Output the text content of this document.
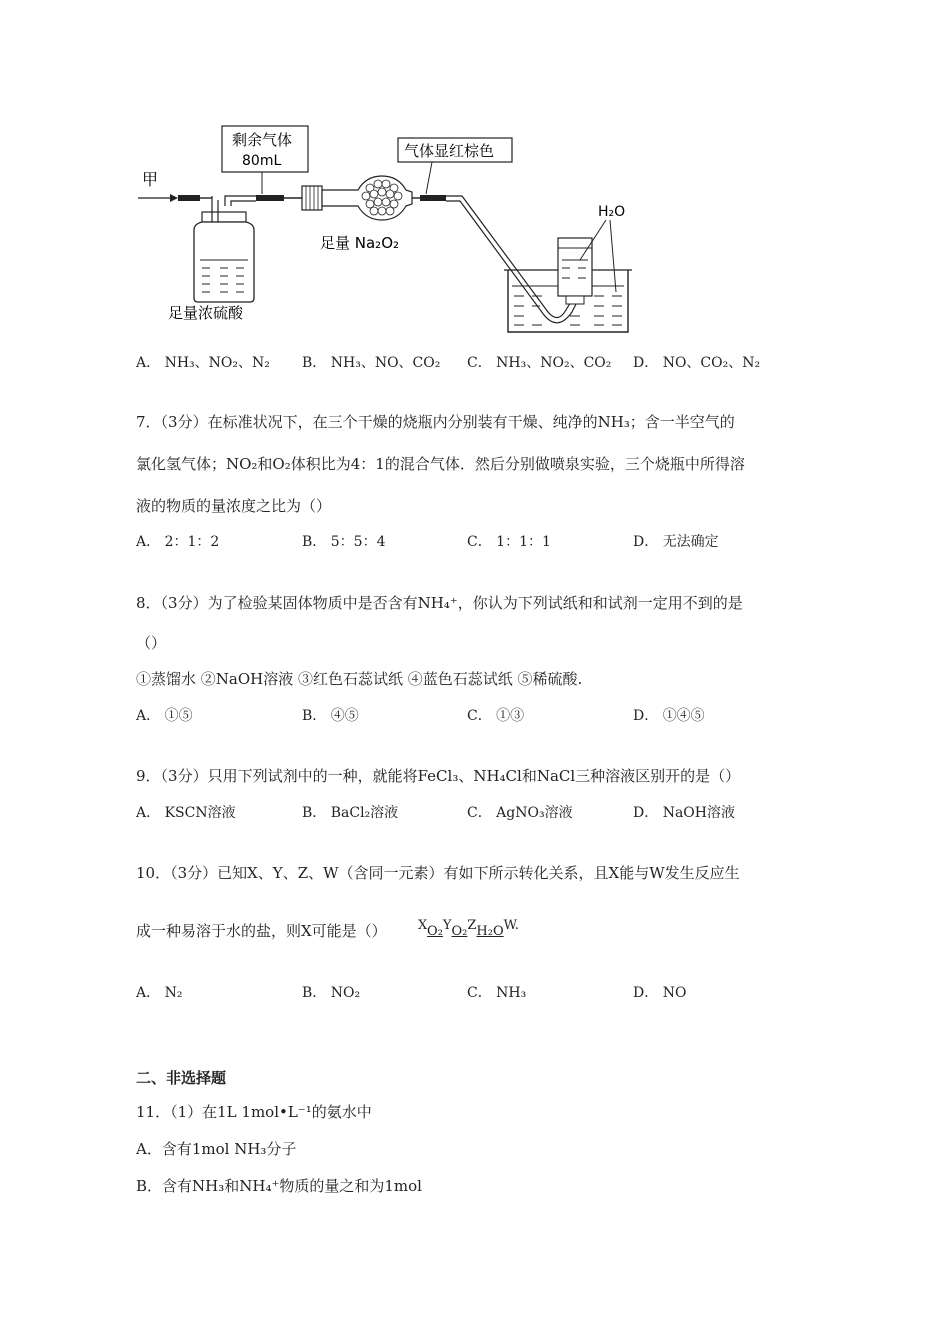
甲
足量浓硫酸
剩余气体
80mL
足量 Na₂O₂
气体显红棕色
H₂O
A． NH₃、NO₂、N₂ B． NH₃、NO、CO₂ C． NH₃、NO₂、CO₂ D． NO、CO₂、N₂
7．（3分）在标准状况下，在三个干燥的烧瓶内分别装有干燥、纯净的NH₃；含一半空气的
氯化氢气体；NO₂和O₂体积比为4：1的混合气体．然后分别做喷泉实验，三个烧瓶中所得溶
液的物质的量浓度之比为（）
A． 2：1：2	B． 5：5：4	C． 1：1：1	D． 无法确定
8．（3分）为了检验某固体物质中是否含有NH₄⁺，你认为下列试纸和和试剂一定用不到的是
（）
①蒸馏水 ②NaOH溶液 ③红色石蕊试纸 ④蓝色石蕊试纸 ⑤稀硫酸.
A． ①⑤	B． ④⑤	C． ①③	D． ①④⑤
9．（3分）只用下列试剂中的一种，就能将FeCl₃、NH₄Cl和NaCl三种溶液区别开的是（）
A． KSCN溶液	B． BaCl₂溶液	C． AgNO₃溶液	D． NaOH溶液
10．（3分）已知X、Y、Z、W（含同一元素）有如下所示转化关系，且X能与W发生反应生
成一种易溶于水的盐，则X可能是（） XO₂YO₂ZH₂OW.
A． N₂	B． NO₂	C． NH₃	D． NO
二、非选择题
11．（1）在1L 1mol•L⁻¹的氨水中
A．含有1mol NH₃分子
B．含有NH₃和NH₄⁺物质的量之和为1mol
